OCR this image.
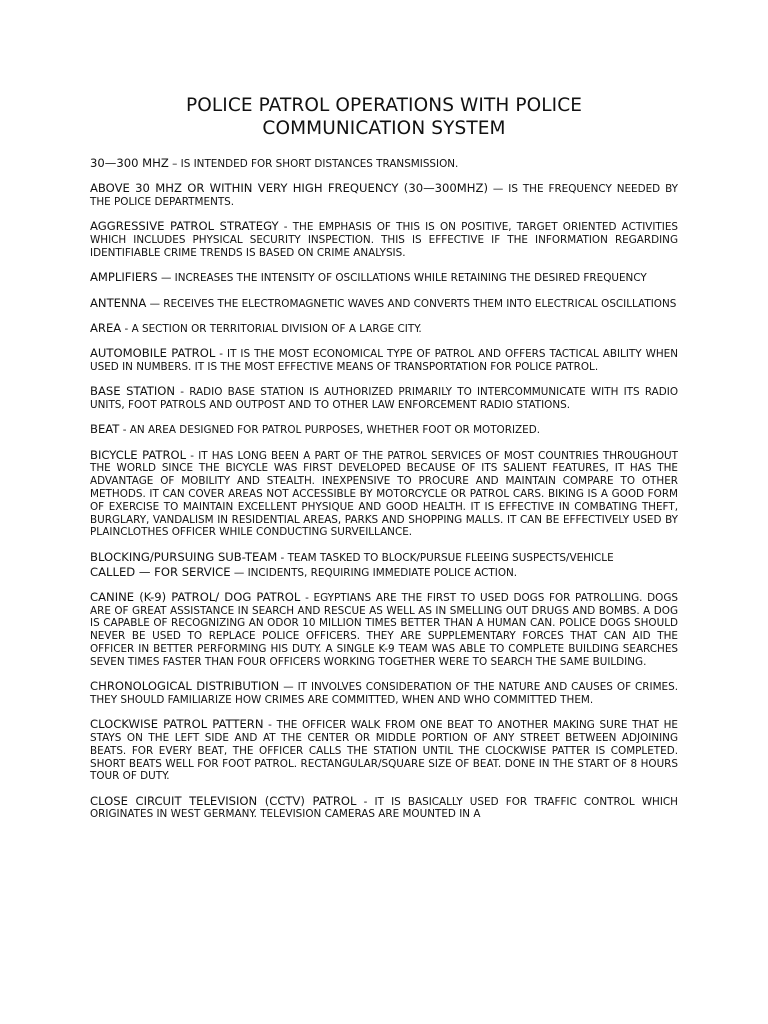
POLICE PATROL OPERATIONS WITH POLICE
COMMUNICATION SYSTEM

30—300 MHZ – IS INTENDED FOR SHORT DISTANCES TRANSMISSION.

ABOVE 30 MHZ OR WITHIN VERY HIGH FREQUENCY (30—300MHZ) — IS THE FREQUENCY NEEDED BY THE POLICE DEPARTMENTS.

AGGRESSIVE PATROL STRATEGY - THE EMPHASIS OF THIS IS ON POSITIVE, TARGET ORIENTED ACTIVITIES WHICH INCLUDES PHYSICAL SECURITY INSPECTION. THIS IS EFFECTIVE IF THE INFORMATION REGARDING IDENTIFIABLE CRIME TRENDS IS BASED ON CRIME ANALYSIS.

AMPLIFIERS — INCREASES THE INTENSITY OF OSCILLATIONS WHILE RETAINING THE DESIRED FREQUENCY

ANTENNA — RECEIVES THE ELECTROMAGNETIC WAVES AND CONVERTS THEM INTO ELECTRICAL OSCILLATIONS

AREA - A SECTION OR TERRITORIAL DIVISION OF A LARGE CITY.

AUTOMOBILE PATROL - IT IS THE MOST ECONOMICAL TYPE OF PATROL AND OFFERS TACTICAL ABILITY WHEN USED IN NUMBERS. IT IS THE MOST EFFECTIVE MEANS OF TRANSPORTATION FOR POLICE PATROL.

BASE STATION - RADIO BASE STATION IS AUTHORIZED PRIMARILY TO INTERCOMMUNICATE WITH ITS RADIO UNITS, FOOT PATROLS AND OUTPOST AND TO OTHER LAW ENFORCEMENT RADIO STATIONS.

BEAT - AN AREA DESIGNED FOR PATROL PURPOSES, WHETHER FOOT OR MOTORIZED.

BICYCLE PATROL - IT HAS LONG BEEN A PART OF THE PATROL SERVICES OF MOST COUNTRIES THROUGHOUT THE WORLD SINCE THE BICYCLE WAS FIRST DEVELOPED BECAUSE OF ITS SALIENT FEATURES, IT HAS THE ADVANTAGE OF MOBILITY AND STEALTH. INEXPENSIVE TO PROCURE AND MAINTAIN COMPARE TO OTHER METHODS. IT CAN COVER AREAS NOT ACCESSIBLE BY MOTORCYCLE OR PATROL CARS. BIKING IS A GOOD FORM OF EXERCISE TO MAINTAIN EXCELLENT PHYSIQUE AND GOOD HEALTH. IT IS EFFECTIVE IN COMBATING THEFT, BURGLARY, VANDALISM IN RESIDENTIAL AREAS, PARKS AND SHOPPING MALLS. IT CAN BE EFFECTIVELY USED BY PLAINCLOTHES OFFICER WHILE CONDUCTING SURVEILLANCE.

BLOCKING/PURSUING SUB-TEAM - TEAM TASKED TO BLOCK/PURSUE FLEEING SUSPECTS/VEHICLE

CALLED — FOR SERVICE — INCIDENTS, REQUIRING IMMEDIATE POLICE ACTION.

CANINE (K-9) PATROL/ DOG PATROL - EGYPTIANS ARE THE FIRST TO USED DOGS FOR PATROLLING. DOGS ARE OF GREAT ASSISTANCE IN SEARCH AND RESCUE AS WELL AS IN SMELLING OUT DRUGS AND BOMBS. A DOG IS CAPABLE OF RECOGNIZING AN ODOR 10 MILLION TIMES BETTER THAN A HUMAN CAN. POLICE DOGS SHOULD NEVER BE USED TO REPLACE POLICE OFFICERS. THEY ARE SUPPLEMENTARY FORCES THAT CAN AID THE OFFICER IN BETTER PERFORMING HIS DUTY. A SINGLE K-9 TEAM WAS ABLE TO COMPLETE BUILDING SEARCHES SEVEN TIMES FASTER THAN FOUR OFFICERS WORKING TOGETHER WERE TO SEARCH THE SAME BUILDING.

CHRONOLOGICAL DISTRIBUTION — IT INVOLVES CONSIDERATION OF THE NATURE AND CAUSES OF CRIMES. THEY SHOULD FAMILIARIZE HOW CRIMES ARE COMMITTED, WHEN AND WHO COMMITTED THEM.

CLOCKWISE PATROL PATTERN - THE OFFICER WALK FROM ONE BEAT TO ANOTHER MAKING SURE THAT HE STAYS ON THE LEFT SIDE AND AT THE CENTER OR MIDDLE PORTION OF ANY STREET BETWEEN ADJOINING BEATS. FOR EVERY BEAT, THE OFFICER CALLS THE STATION UNTIL THE CLOCKWISE PATTER IS COMPLETED. SHORT BEATS WELL FOR FOOT PATROL. RECTANGULAR/SQUARE SIZE OF BEAT. DONE IN THE START OF 8 HOURS TOUR OF DUTY.

CLOSE CIRCUIT TELEVISION (CCTV) PATROL - IT IS BASICALLY USED FOR TRAFFIC CONTROL WHICH ORIGINATES IN WEST GERMANY. TELEVISION CAMERAS ARE MOUNTED IN A
